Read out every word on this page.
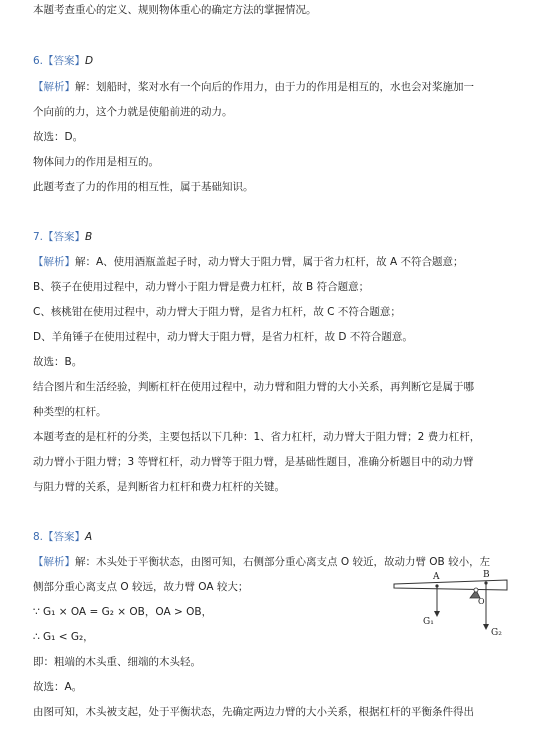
本题考查重心的定义、规则物体重心的确定方法的掌握情况。
6.【答案】D
【解析】解：划船时，桨对水有一个向后的作用力，由于力的作用是相互的，水也会对桨施加一
个向前的力，这个力就是使船前进的动力。
故选：D。
物体间力的作用是相互的。
此题考查了力的作用的相互性，属于基础知识。
7.【答案】B
【解析】解：A、使用酒瓶盖起子时，动力臂大于阻力臂，属于省力杠杆，故 A 不符合题意；
B、筷子在使用过程中，动力臂小于阻力臂是费力杠杆，故 B 符合题意；
C、核桃钳在使用过程中，动力臂大于阻力臂，是省力杠杆，故 C 不符合题意；
D、羊角锤子在使用过程中，动力臂大于阻力臂，是省力杠杆，故 D 不符合题意。
故选：B。
结合图片和生活经验，判断杠杆在使用过程中，动力臂和阻力臂的大小关系，再判断它是属于哪
种类型的杠杆。
本题考查的是杠杆的分类，主要包括以下几种：1、省力杠杆，动力臂大于阻力臂；2 费力杠杆，
动力臂小于阻力臂；3 等臂杠杆，动力臂等于阻力臂，是基础性题目，准确分析题目中的动力臂
与阻力臂的关系，是判断省力杠杆和费力杠杆的关键。
8.【答案】A
【解析】解：木头处于平衡状态，由图可知，右侧部分重心离支点 O 较近，故动力臂 OB 较小，左
侧部分重心离支点 O 较远，故力臂 OA 较大；
∵ G₁ × OA = G₂ × OB，OA > OB，
∴ G₁ < G₂，
即：粗端的木头重、细端的木头轻。
故选：A。
由图可知，木头被支起，处于平衡状态，先确定两边力臂的大小关系，根据杠杆的平衡条件得出
A	B
O
G₁
G₂
